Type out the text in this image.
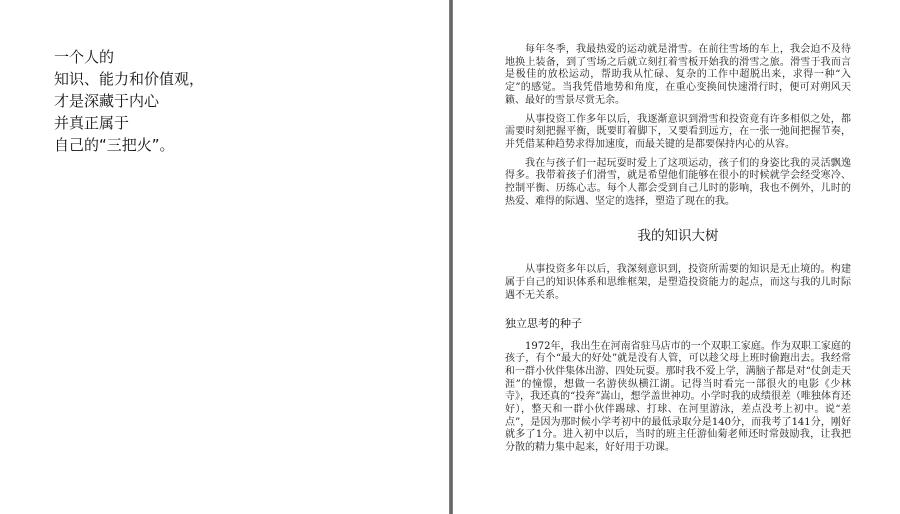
一个人的
知识、能力和价值观，
才是深藏于内心
并真正属于
自己的“三把火”。

每年冬季，我最热爱的运动就是滑雪。在前往雪场的车上，我会迫不及待地换上装备，到了雪场之后就立刻扛着雪板开始我的滑雪之旅。滑雪于我而言是极佳的放松运动，帮助我从忙碌、复杂的工作中超脱出来，求得一种“入定”的感觉。当我凭借地势和角度，在重心变换间快速滑行时，便可对朔风天籁、最好的雪景尽赏无余。

从事投资工作多年以后，我逐渐意识到滑雪和投资竟有许多相似之处，都需要时刻把握平衡，既要盯着脚下，又要看到远方，在一张一弛间把握节奏，并凭借某种趋势求得加速度，而最关键的是都要保持内心的从容。

我在与孩子们一起玩耍时爱上了这项运动，孩子们的身姿比我的灵活飘逸得多。我带着孩子们滑雪，就是希望他们能够在很小的时候就学会经受寒冷、控制平衡、历练心志。每个人都会受到自己儿时的影响，我也不例外，儿时的热爱、难得的际遇、坚定的选择，塑造了现在的我。

我的知识大树

从事投资多年以后，我深刻意识到，投资所需要的知识是无止境的。构建属于自己的知识体系和思维框架，是塑造投资能力的起点，而这与我的儿时际遇不无关系。

独立思考的种子

1972年，我出生在河南省驻马店市的一个双职工家庭。作为双职工家庭的孩子，有个“最大的好处”就是没有人管，可以趁父母上班时偷跑出去。我经常和一群小伙伴集体出游、四处玩耍。那时我不爱上学，满脑子都是对“仗剑走天涯”的憧憬，想做一名游侠纵横江湖。记得当时看完一部很火的电影《少林寺》，我还真的“投奔”嵩山，想学盖世神功。小学时我的成绩很差（唯独体育还好），整天和一群小伙伴踢球、打球、在河里游泳，差点没考上初中。说“差点”，是因为那时候小学考初中的最低录取分是140分，而我考了141分，刚好就多了1分。进入初中以后，当时的班主任游仙菊老师还时常鼓励我，让我把分散的精力集中起来，好好用于功课。
